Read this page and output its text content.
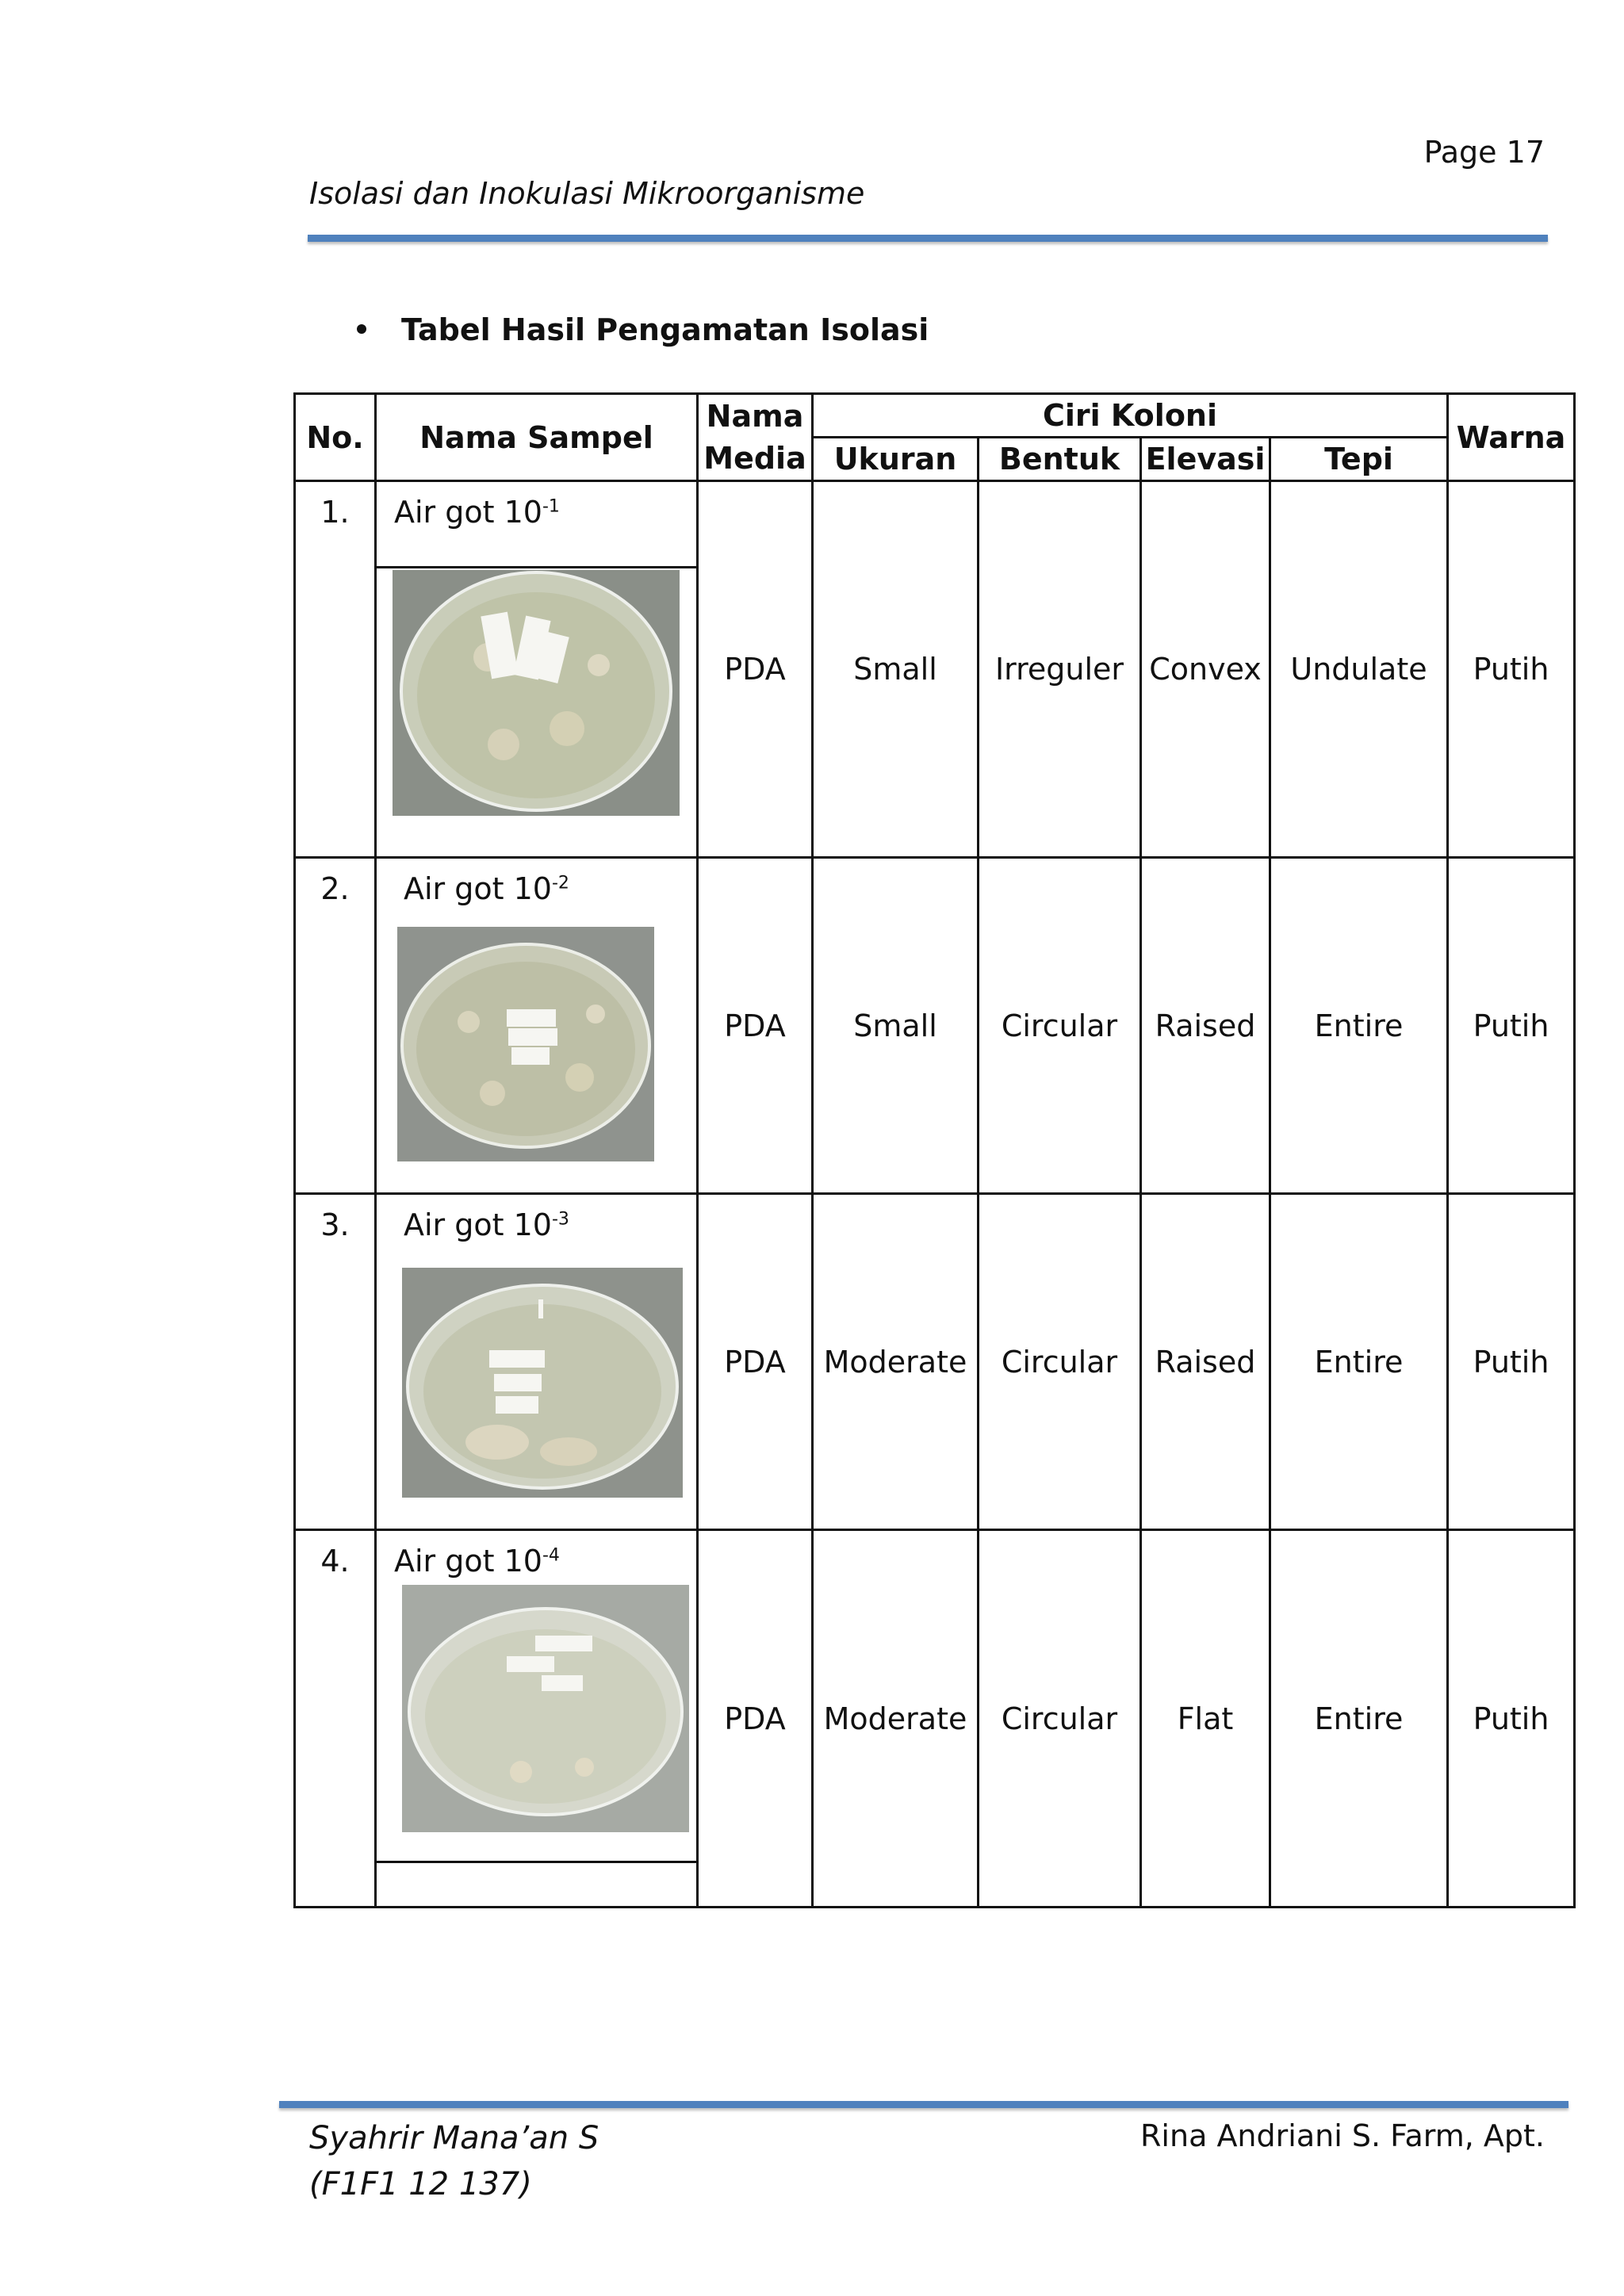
Page 17
Isolasi dan Inokulasi Mikroorganisme
Tabel Hasil Pengamatan Isolasi
No.	Nama Sampel	Nama	Ciri Koloni				Warna
		Media	Ukuran	Bentuk	Elevasi	Tepi	
1.	Air got $10^{-1}$	PDA	Small	Irreguler	Convex	Undulate	Putih
2.	Air got $10^{-2}$	PDA	Small	Circular	Raised	Entire	Putih
3.	Air got $10^{-3}$	PDA	Moderate	Circular	Raised	Entire	Putih
4.	Air got $10^{-4}$	PDA	Moderate	Circular	Flat	Entire	Putih
Syahrir Mana’an S
(F1F1 12 137)
Rina Andriani S. Farm, Apt.
